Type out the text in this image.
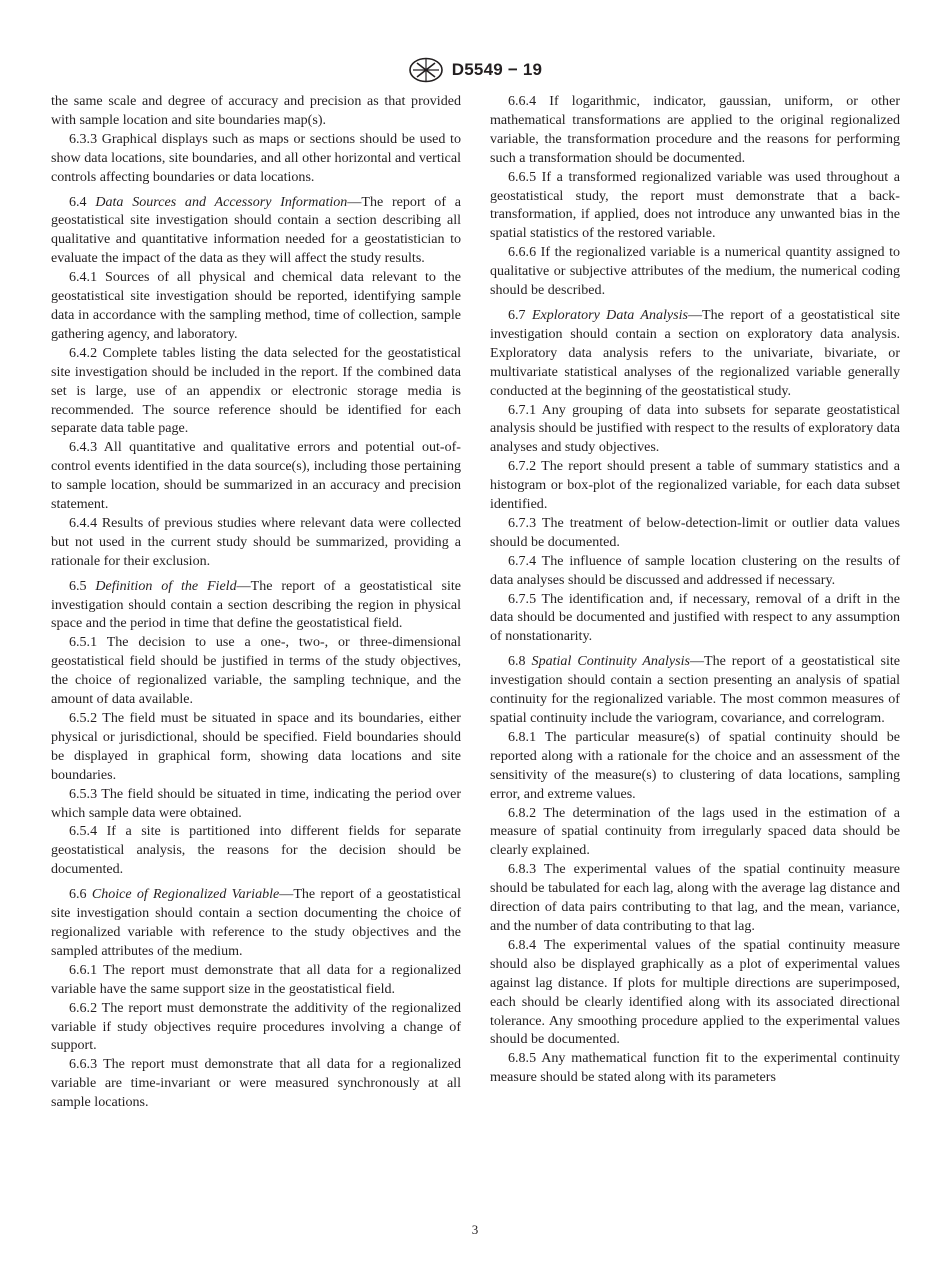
D5549 − 19

the same scale and degree of accuracy and precision as that provided with sample location and site boundaries map(s).

6.3.3 Graphical displays such as maps or sections should be used to show data locations, site boundaries, and all other horizontal and vertical controls affecting boundaries or data locations.

6.4 Data Sources and Accessory Information—The report of a geostatistical site investigation should contain a section describing all qualitative and quantitative information needed for a geostatistician to evaluate the impact of the data as they will affect the study results.

6.4.1 Sources of all physical and chemical data relevant to the geostatistical site investigation should be reported, identifying sample data in accordance with the sampling method, time of collection, sample gathering agency, and laboratory.

6.4.2 Complete tables listing the data selected for the geostatistical site investigation should be included in the report. If the combined data set is large, use of an appendix or electronic storage media is recommended. The source reference should be identified for each separate data table page.

6.4.3 All quantitative and qualitative errors and potential out-of-control events identified in the data source(s), including those pertaining to sample location, should be summarized in an accuracy and precision statement.

6.4.4 Results of previous studies where relevant data were collected but not used in the current study should be summarized, providing a rationale for their exclusion.

6.5 Definition of the Field—The report of a geostatistical site investigation should contain a section describing the region in physical space and the period in time that define the geostatistical field.

6.5.1 The decision to use a one-, two-, or three-dimensional geostatistical field should be justified in terms of the study objectives, the choice of regionalized variable, the sampling technique, and the amount of data available.

6.5.2 The field must be situated in space and its boundaries, either physical or jurisdictional, should be specified. Field boundaries should be displayed in graphical form, showing data locations and site boundaries.

6.5.3 The field should be situated in time, indicating the period over which sample data were obtained.

6.5.4 If a site is partitioned into different fields for separate geostatistical analysis, the reasons for the decision should be documented.

6.6 Choice of Regionalized Variable—The report of a geostatistical site investigation should contain a section documenting the choice of regionalized variable with reference to the study objectives and the sampled attributes of the medium.

6.6.1 The report must demonstrate that all data for a regionalized variable have the same support size in the geostatistical field.

6.6.2 The report must demonstrate the additivity of the regionalized variable if study objectives require procedures involving a change of support.

6.6.3 The report must demonstrate that all data for a regionalized variable are time-invariant or were measured synchronously at all sample locations.

6.6.4 If logarithmic, indicator, gaussian, uniform, or other mathematical transformations are applied to the original regionalized variable, the transformation procedure and the reasons for performing such a transformation should be documented.

6.6.5 If a transformed regionalized variable was used throughout a geostatistical study, the report must demonstrate that a back-transformation, if applied, does not introduce any unwanted bias in the spatial statistics of the restored variable.

6.6.6 If the regionalized variable is a numerical quantity assigned to qualitative or subjective attributes of the medium, the numerical coding should be described.

6.7 Exploratory Data Analysis—The report of a geostatistical site investigation should contain a section on exploratory data analysis. Exploratory data analysis refers to the univariate, bivariate, or multivariate statistical analyses of the regionalized variable generally conducted at the beginning of the geostatistical study.

6.7.1 Any grouping of data into subsets for separate geostatistical analysis should be justified with respect to the results of exploratory data analyses and study objectives.

6.7.2 The report should present a table of summary statistics and a histogram or box-plot of the regionalized variable, for each data subset identified.

6.7.3 The treatment of below-detection-limit or outlier data values should be documented.

6.7.4 The influence of sample location clustering on the results of data analyses should be discussed and addressed if necessary.

6.7.5 The identification and, if necessary, removal of a drift in the data should be documented and justified with respect to any assumption of nonstationarity.

6.8 Spatial Continuity Analysis—The report of a geostatistical site investigation should contain a section presenting an analysis of spatial continuity for the regionalized variable. The most common measures of spatial continuity include the variogram, covariance, and correlogram.

6.8.1 The particular measure(s) of spatial continuity should be reported along with a rationale for the choice and an assessment of the sensitivity of the measure(s) to clustering of data locations, sampling error, and extreme values.

6.8.2 The determination of the lags used in the estimation of a measure of spatial continuity from irregularly spaced data should be clearly explained.

6.8.3 The experimental values of the spatial continuity measure should be tabulated for each lag, along with the average lag distance and direction of data pairs contributing to that lag, and the mean, variance, and the number of data contributing to that lag.

6.8.4 The experimental values of the spatial continuity measure should also be displayed graphically as a plot of experimental values against lag distance. If plots for multiple directions are superimposed, each should be clearly identified along with its associated directional tolerance. Any smoothing procedure applied to the experimental values should be documented.

6.8.5 Any mathematical function fit to the experimental continuity measure should be stated along with its parameters

3
